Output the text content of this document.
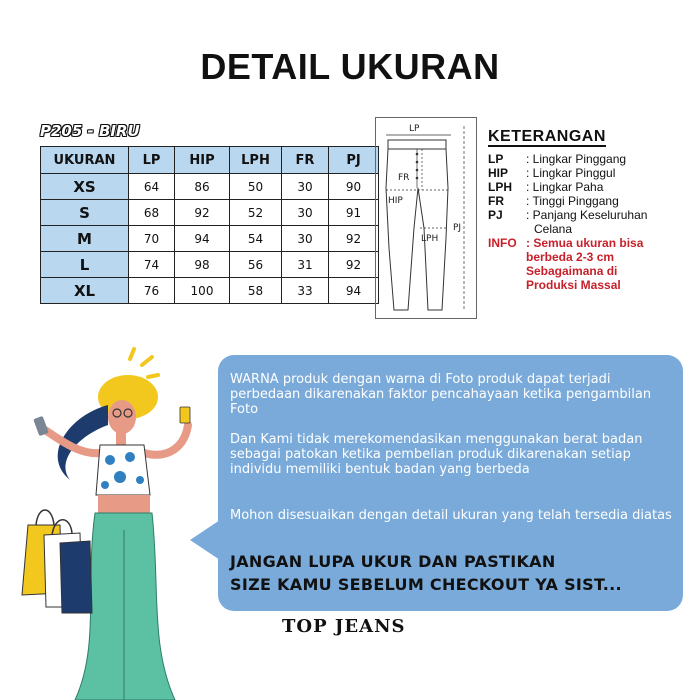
DETAIL UKURAN
P205 - BIRU
UKURAN	LP	HIP	LPH	FR	PJ
XS	64	86	50	30	90
S	68	92	52	30	91
M	70	94	54	30	92
L	74	98	56	31	92
XL	76	100	58	33	94
LP
FR
HIP
LPH
PJ
KETERANGAN
LP	: Lingkar Pinggang
HIP	: Lingkar Pinggul
LPH	: Lingkar Paha
FR	: Tinggi Pinggang
PJ	: Panjang Keseluruhan
Celana
INFO : Semua ukuran bisa
berbeda 2-3 cm
Sebagaimana di
Produksi Massal
WARNA produk dengan warna di Foto produk dapat terjadi perbedaan dikarenakan faktor pencahayaan ketika pengambilan Foto
Dan Kami tidak merekomendasikan menggunakan berat badan sebagai patokan ketika pembelian produk dikarenakan setiap individu memiliki bentuk badan yang berbeda
Mohon disesuaikan dengan detail ukuran yang telah tersedia diatas
JANGAN LUPA UKUR DAN PASTIKAN
SIZE KAMU SEBELUM CHECKOUT YA SIST...
TOP JEANS
